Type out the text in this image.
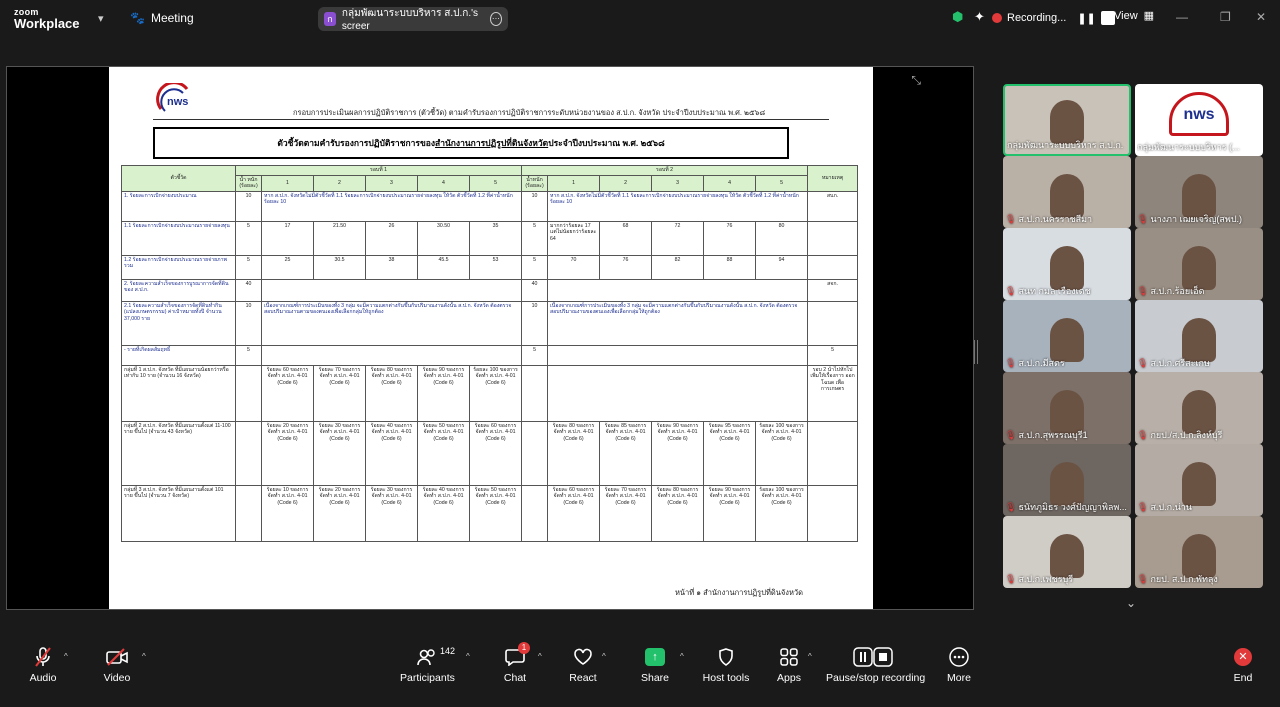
zoom
Workplace ▾ 🐾 Meeting	ก กลุ่มพัฒนาระบบบริหาร ส.ป.ก.'s screer
···	⬢ ✦ Recording... ❚❚ View ▦ —	❐ ✕
nws
กรอบการประเมินผลการปฏิบัติราชการ (ตัวชี้วัด) ตามคำรับรองการปฏิบัติราชการระดับหน่วยงานของ ส.ป.ก. จังหวัด ประจำปีงบประมาณ พ.ศ. ๒๕๖๘
ตัวชี้วัดตามคำรับรองการปฏิบัติราชการของ สำนักงานการปฏิรูปที่ดินจังหวัด ประจำปีงบประมาณ พ.ศ. ๒๕๖๘
ตัวชี้วัด	รอบที่ 1						รอบที่ 2						หมายเหตุ
	น้ำ หนัก (ร้อยละ)	1	2	3	4	5	น้ำหนัก (ร้อยละ)	1	2	3	4	5	
1. ร้อยละการเบิกจ่ายงบประมาณ	10	หาก ส.ป.ก. จังหวัดไม่มีตัวชี้วัดที่ 1.1 ร้อยละการเบิกจ่ายงบประมาณรายจ่ายลงทุน ให้วัด ตัวชี้วัดที่ 1.2 ที่ค่าน้ำหนักร้อยละ 10					10	หาก ส.ป.ก. จังหวัดไม่มีตัวชี้วัดที่ 1.1 ร้อยละการเบิกจ่ายงบประมาณรายจ่ายลงทุน ให้วัด ตัวชี้วัดที่ 1.2 ที่ค่าน้ำหนักร้อยละ 10					สบภ.
1.1 ร้อยละการเบิกจ่ายงบประมาณรายจ่ายลงทุน	5	17	21.50	26	30.50	35	5	มากกว่าร้อยละ 17 แต่ไม่น้อยกว่าร้อยละ 64	68	72	76	80	
1.2 ร้อยละการเบิกจ่ายงบประมาณรายจ่ายภาพรวม	5	25	30.5	38	45.5	53	5	70	76	82	88	94	
2. ร้อยละความสำเร็จของการบูรณาการจัดที่ดินของ ส.ป.ก.	40						40						สจก.
2.1 ร้อยละความสำเร็จของการจัดที่ดินทำกิน (แปลงเกษตรกรรม) ค่าเป้าหมายทั้งปี จำนวน 37,000 ราย	10	เนื่องจากเกณฑ์การประเมินของทั้ง 3 กลุ่ม จะมีความแตกต่างกันขึ้นกับปริมาณงานดังนั้น ส.ป.ก. จังหวัด ต้องตรวจสอบปริมาณงานตามของตนเองเพื่อเลือกกลุ่มให้ถูกต้อง					10	เนื่องจากเกณฑ์การประเมินของทั้ง 3 กลุ่ม จะมีความแตกต่างกันขึ้นกับปริมาณงานดังนั้น ส.ป.ก. จังหวัด ต้องตรวจสอบปริมาณงานของตนเองเพื่อเลือกกลุ่มให้ถูกต้อง					
- รายที่เกิดผลสัมฤทธิ์	5						5						5
กลุ่มที่ 1 ส.ป.ก. จังหวัด ที่มีแผนงานน้อยกว่าหรือเท่ากับ 10 ราย (จำนวน 16 จังหวัด)		ร้อยละ 60 ของการจัดทำ ส.ป.ก. 4-01 (Code 6)	ร้อยละ 70 ของการจัดทำ ส.ป.ก. 4-01 (Code 6)	ร้อยละ 80 ของการจัดทำ ส.ป.ก. 4-01 (Code 6)	ร้อยละ 90 ของการจัดทำ ส.ป.ก. 4-01 (Code 6)	ร้อยละ 100 ของการจัดทำ ส.ป.ก. 4-01 (Code 6)							รอบ 2 นำไปหักไป เพิ่มให้เรื่องการ ออกโฉนด เพื่อการเกษตร
กลุ่มที่ 2 ส.ป.ก. จังหวัด ที่มีแผนงานตั้งแต่ 11-100 ราย ขึ้นไป (จำนวน 43 จังหวัด)		ร้อยละ 20 ของการจัดทำ ส.ป.ก. 4-01 (Code 6)	ร้อยละ 30 ของการจัดทำ ส.ป.ก. 4-01 (Code 6)	ร้อยละ 40 ของการจัดทำ ส.ป.ก. 4-01 (Code 6)	ร้อยละ 50 ของการจัดทำ ส.ป.ก. 4-01 (Code 6)	ร้อยละ 60 ของการจัดทำ ส.ป.ก. 4-01 (Code 6)		ร้อยละ 80 ของการจัดทำ ส.ป.ก. 4-01 (Code 6)	ร้อยละ 85 ของการจัดทำ ส.ป.ก. 4-01 (Code 6)	ร้อยละ 90 ของการจัดทำ ส.ป.ก. 4-01 (Code 6)	ร้อยละ 95 ของการจัดทำ ส.ป.ก. 4-01 (Code 6)	ร้อยละ 100 ของการจัดทำ ส.ป.ก. 4-01 (Code 6)	
กลุ่มที่ 3 ส.ป.ก. จังหวัด ที่มีแผนงานตั้งแต่ 101 ราย ขึ้นไป (จำนวน 7 จังหวัด)		ร้อยละ 10 ของการจัดทำ ส.ป.ก. 4-01 (Code 6)	ร้อยละ 20 ของการจัดทำ ส.ป.ก. 4-01 (Code 6)	ร้อยละ 30 ของการจัดทำ ส.ป.ก. 4-01 (Code 6)	ร้อยละ 40 ของการจัดทำ ส.ป.ก. 4-01 (Code 6)	ร้อยละ 50 ของการจัดทำ ส.ป.ก. 4-01 (Code 6)		ร้อยละ 60 ของการจัดทำ ส.ป.ก. 4-01 (Code 6)	ร้อยละ 70 ของการจัดทำ ส.ป.ก. 4-01 (Code 6)	ร้อยละ 80 ของการจัดทำ ส.ป.ก. 4-01 (Code 6)	ร้อยละ 90 ของการจัดทำ ส.ป.ก. 4-01 (Code 6)	ร้อยละ 100 ของการจัดทำ ส.ป.ก. 4-01 (Code 6)	
หน้าที่ ๑ สำนักงานการปฏิรูปที่ดินจังหวัด
⤡
กลุ่มพัฒนาระบบบริหาร ส.ป.ก.
nws
กลุ่มพัฒนาระบบบริหาร (...
🎙 ส.ป.ก.นครราชสีมา	🎙 นางภา เฌยเจริญ(สพป.)
🎙 สนท กมล เรืองเดช	🎙 ส.ป.ก.ร้อยเอ็ด
🎙 ส.ป.ก.มีสตร	🎙 ส.ป.ก.ศรีสะเกษ
🎙 ส.ป.ก.สุพรรณบุรี1	🎙 กยป./ส.ป.ก.ลิงห์บุรี
🎙 ธนัทภูมิธร วงศ์ปัญญาพิลพ... 🎙 ส.ป.ก.น่าน
🎙 ส.ป.ก.เพชรบุรี	🎙 กยป. ส.ป.ก.พัทลุง
⌄
Audio
^
Video
^
142
Participants
^
1
Chat
^
React
^	↑
Share
^
Host tools	Apps
^
Pause/stop recording More
✕
End
